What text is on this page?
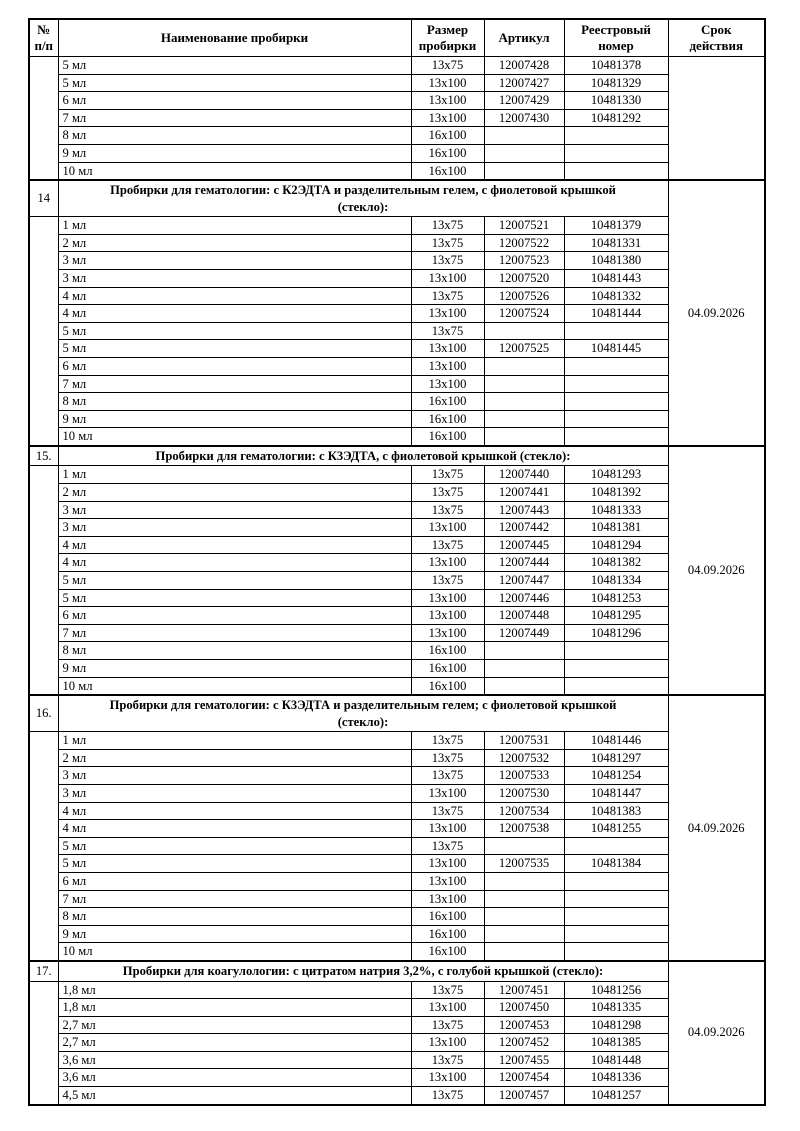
№
п/п	Наименование пробирки	Размер
пробирки	Артикул	Реестровый
номер	Срок
действия
	5 мл	13x75	12007428	10481378	
	5 мл	13x100	12007427	10481329	
	6 мл	13x100	12007429	10481330	
	7 мл	13x100	12007430	10481292	
	8 мл	16x100			
	9 мл	16x100			
	10 мл	16x100			
14	Пробирки для гематологии: с К2ЭДТА и разделительным гелем, с фиолетовой крышкой (стекло):				04.09.2026
	1 мл	13x75	12007521	10481379	
	2 мл	13x75	12007522	10481331	
	3 мл	13x75	12007523	10481380	
	3 мл	13x100	12007520	10481443	
	4 мл	13x75	12007526	10481332	
	4 мл	13x100	12007524	10481444	
	5 мл	13x75			
	5 мл	13x100	12007525	10481445	
	6 мл	13x100			
	7 мл	13x100			
	8 мл	16x100			
	9 мл	16x100			
	10 мл	16x100			
15.	Пробирки для гематологии: с К3ЭДТА, с фиолетовой крышкой (стекло):				04.09.2026
	1 мл	13x75	12007440	10481293	
	2 мл	13x75	12007441	10481392	
	3 мл	13x75	12007443	10481333	
	3 мл	13x100	12007442	10481381	
	4 мл	13x75	12007445	10481294	
	4 мл	13x100	12007444	10481382	
	5 мл	13x75	12007447	10481334	
	5 мл	13x100	12007446	10481253	
	6 мл	13x100	12007448	10481295	
	7 мл	13x100	12007449	10481296	
	8 мл	16x100			
	9 мл	16x100			
	10 мл	16x100			
16.	Пробирки для гематологии: с К3ЭДТА и разделительным гелем; с фиолетовой крышкой (стекло):				04.09.2026
	1 мл	13x75	12007531	10481446	
	2 мл	13x75	12007532	10481297	
	3 мл	13x75	12007533	10481254	
	3 мл	13x100	12007530	10481447	
	4 мл	13x75	12007534	10481383	
	4 мл	13x100	12007538	10481255	
	5 мл	13x75			
	5 мл	13x100	12007535	10481384	
	6 мл	13x100			
	7 мл	13x100			
	8 мл	16x100			
	9 мл	16x100			
	10 мл	16x100			
17.	Пробирки для коагулологии: с цитратом натрия 3,2%, с голубой крышкой (стекло):				04.09.2026
	1,8 мл	13x75	12007451	10481256	
	1,8 мл	13x100	12007450	10481335	
	2,7 мл	13x75	12007453	10481298	
	2,7 мл	13x100	12007452	10481385	
	3,6 мл	13x75	12007455	10481448	
	3,6 мл	13x100	12007454	10481336	
	4,5 мл	13x75	12007457	10481257	
